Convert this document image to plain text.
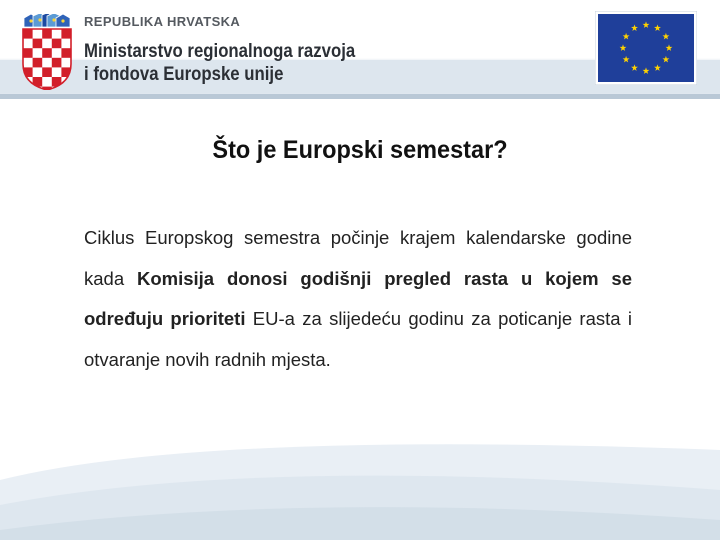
REPUBLIKA HRVATSKA
Ministarstvo regionalnoga razvoja
i fondova Europske unije
Što je Europski semestar?
Ciklus Europskog semestra počinje krajem kalendarske godine kada Komisija donosi godišnji pregled rasta u kojem se određuju prioriteti EU-a za slijedeću godinu za poticanje rasta i otvaranje novih radnih mjesta.
